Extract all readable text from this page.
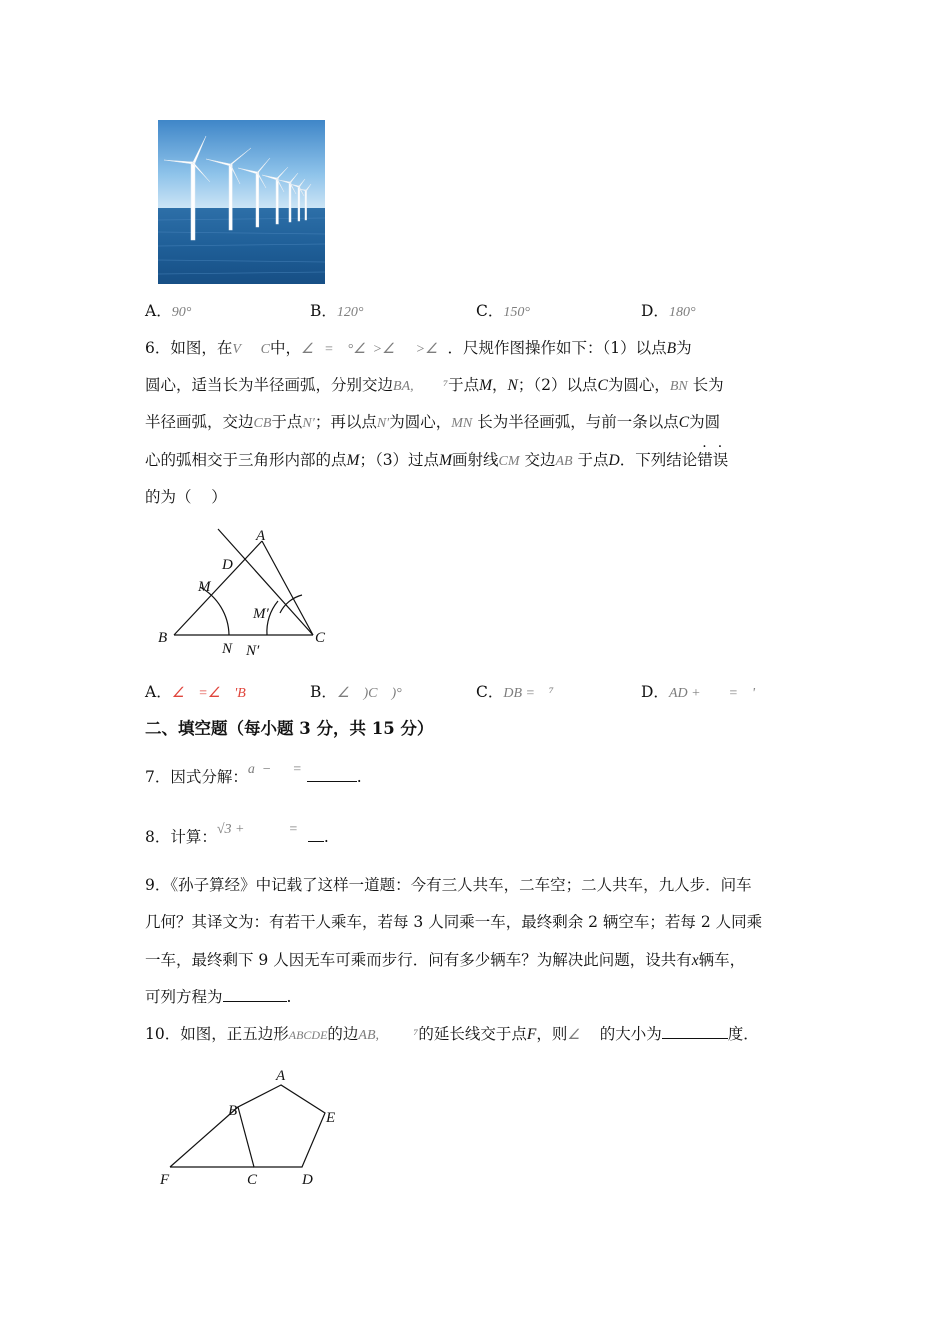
A．90°	B．120°	C．150°	D．180°
6．如图，在V C中，∠   =    °∠  >∠      >∠ ．尺规作图操作如下：（1）以点B为
圆心，适当长为半径画弧，分别交边BA, ⁷于点M，N；（2）以点C为圆心，BN 长为
半径画弧，交边CB于点N′；再以点N′为圆心，MN 长为半径画弧，与前一条以点C为圆
心的弧相交于三角形内部的点M；（3）过点M画射线CM 交边AB 于点D．下列结论错误
的为（    ）
A
B	C
D
M
M′
N N′
A．∠    =∠    'B	B．∠    )C    )°	C．DB =    ⁷	D．AD +        =    '
二、填空题（每小题 3 分，共 15 分）
7．因式分解：a  −      =	.
8．计算：√3 +	= .
9．《孙子算经》中记载了这样一道题：今有三人共车，二车空；二人共车，九人步．问车
几何？其译文为：有若干人乘车，若每 3 人同乘一车，最终剩余 2 辆空车；若每 2 人同乘
一车，最终剩下 9 人因无车可乘而步行．问有多少辆车？为解决此问题，设共有x辆车，
可列方程为	.
10．如图，正五边形ABCDE的边AB, ⁷的延长线交于点F，则∠ 的大小为	度．
A
B
C	D
E
F
